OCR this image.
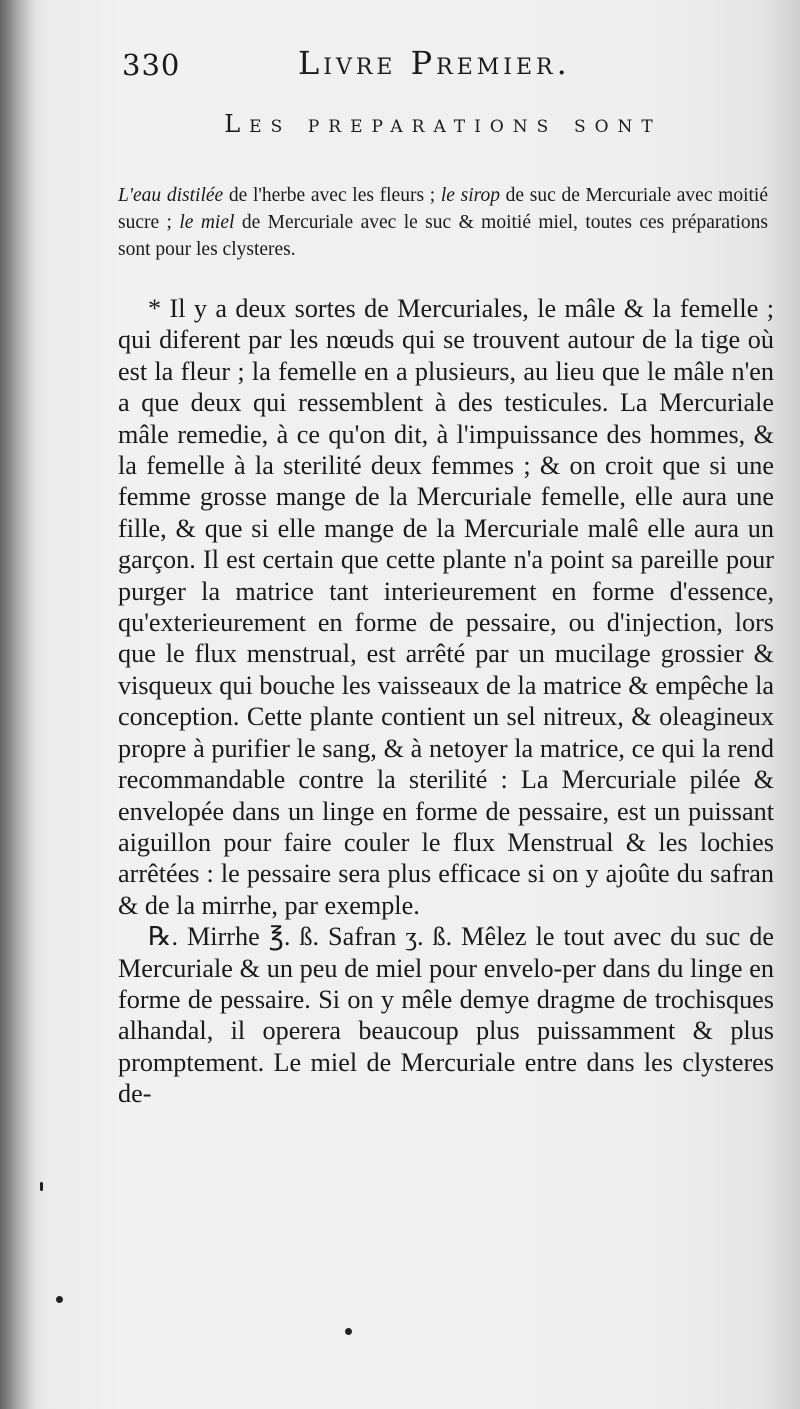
330	Livre Premier.
Les preparations sont
L'eau distilée de l'herbe avec les fleurs ; le sirop de suc de Mercuriale avec moitié sucre ; le miel de Mercuriale avec le suc & moitié miel, toutes ces préparations sont pour les clysteres.

* Il y a deux sortes de Mercuriales, le mâle & la femelle ; qui diferent par les nœuds qui se trouvent autour de la tige où est la fleur ; la femelle en a plusieurs, au lieu que le mâle n'en a que deux qui ressemblent à des testicules. La Mercuriale mâle remedie, à ce qu'on dit, à l'impuissance des hommes, & la femelle à la sterilité deux femmes ; & on croit que si une femme grosse mange de la Mercuriale femelle, elle aura une fille, & que si elle mange de la Mercuriale malê elle aura un garçon. Il est certain que cette plante n'a point sa pareille pour purger la matrice tant interieurement en forme d'essence, qu'exterieurement en forme de pessaire, ou d'injection, lors que le flux menstrual, est arrêté par un mucilage grossier & visqueux qui bouche les vaisseaux de la matrice & empêche la conception. Cette plante contient un sel nitreux, & oleagineux propre à purifier le sang, & à netoyer la matrice, ce qui la rend recommandable contre la sterilité : La Mercuriale pilée & envelopée dans un linge en forme de pessaire, est un puissant aiguillon pour faire couler le flux Menstrual & les lochies arrêtées : le pessaire sera plus efficace si on y ajoûte du safran & de la mirrhe, par exemple.

℞. Mirrhe ℥. ß. Safran ʒ. ß. Mêlez le tout avec du suc de Mercuriale & un peu de miel pour envelo-per dans du linge en forme de pessaire. Si on y mêle demye dragme de trochisques alhandal, il operera beaucoup plus puissamment & plus promptement. Le miel de Mercuriale entre dans les clysteres de-
